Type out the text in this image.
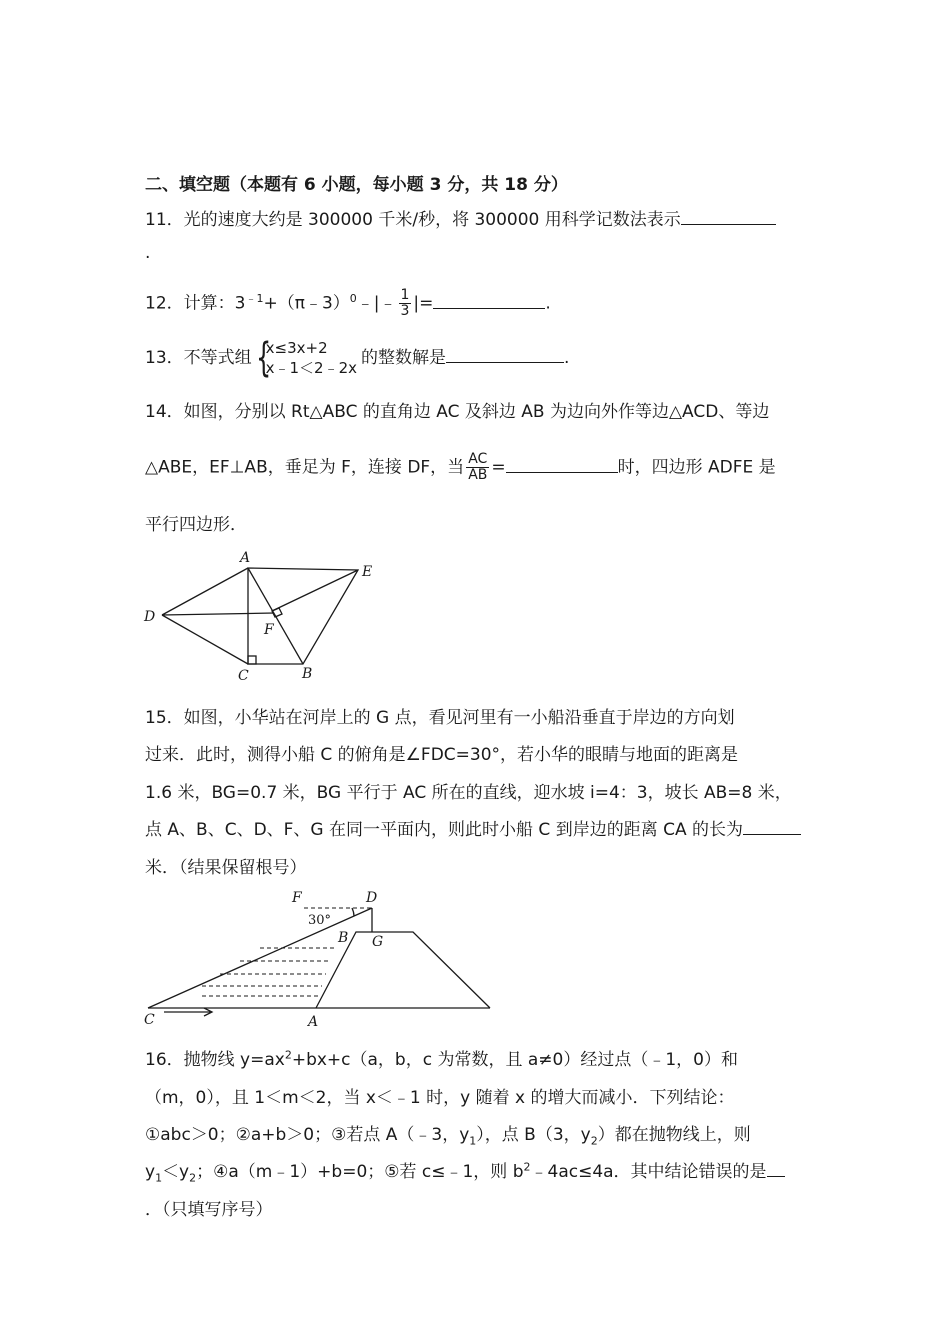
二、填空题（本题有 6 小题，每小题 3 分，共 18 分）
11．光的速度大约是 300000 千米/秒，将 300000 用科学记数法表示
.
12．计算：$3^{﹣1}+(\pi﹣3)^0﹣|﹣ \frac{1}{3}$ |=	.
13．不等式组 {
x≤3x+2
x﹣1＜2﹣2x 的整数解是	.
14．如图，分别以 Rt△ABC 的直角边 AC 及斜边 AB 为边向外作等边△ACD、等边
△ABE，EF⊥AB，垂足为 F，连接 DF，当 $\frac{AC}{AB}$ =	时，四边形 ADFE 是
平行四边形．
A
E
D
F
C	B
15．如图，小华站在河岸上的 G 点，看见河里有一小船沿垂直于岸边的方向划
过来．此时，测得小船 C 的俯角是∠FDC=30°，若小华的眼睛与地面的距离是
1.6 米，BG=0.7 米，BG 平行于 AC 所在的直线，迎水坡 i=4：3，坡长 AB=8 米，
点 A、B、C、D、F、G 在同一平面内，则此时小船 C 到岸边的距离 CA 的长为
米．（结果保留根号）
F	D
30°
B G
C	A
16．抛物线 $y=ax^2+bx+c(a$，b，c 为常数，且 a≠0）经过点（﹣1，0）和
（m，0），且 1＜m＜2，当 x＜﹣1 时，y 随着 x 的增大而减小．下列结论：
①abc＞0；②a+b＞0；③若点 A（﹣3，$y_1$），点 B（3，$y_2$）都在抛物线上，则
$y_1<y_2$；④a（m﹣1）+b=0；⑤若 c≤﹣1，则 $b^2﹣4ac\le 4a$．其中结论错误的是
．（只填写序号）
